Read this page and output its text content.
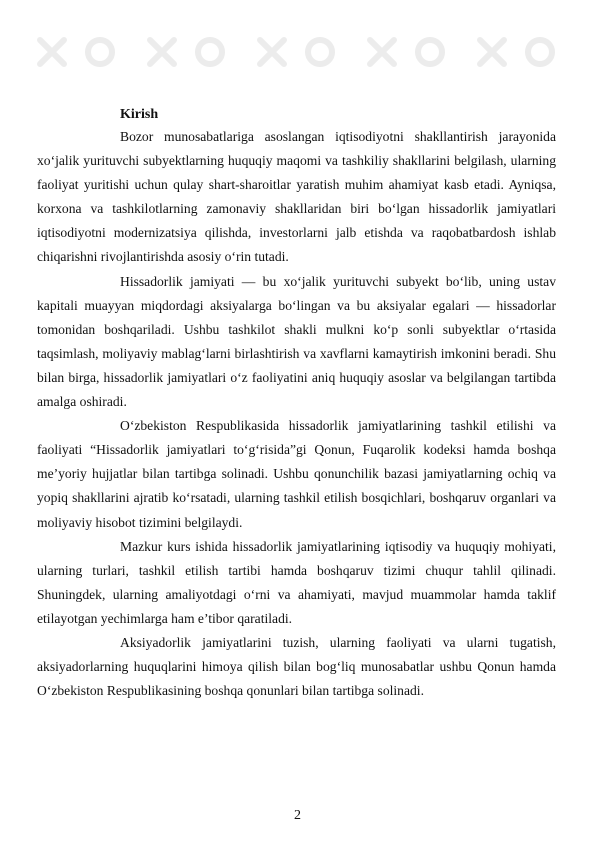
Kirish

Bozor munosabatlariga asoslangan iqtisodiyotni shakllantirish jarayonida xo‘jalik yurituvchi subyektlarning huquqiy maqomi va tashkiliy shakllarini belgilash, ularning faoliyat yuritishi uchun qulay shart-sharoitlar yaratish muhim ahamiyat kasb etadi. Ayniqsa, korxona va tashkilotlarning zamonaviy shakllaridan biri bo‘lgan hissadorlik jamiyatlari iqtisodiyotni modernizatsiya qilishda, investorlarni jalb etishda va raqobatbardosh ishlab chiqarishni rivojlantirishda asosiy o‘rin tutadi.

Hissadorlik jamiyati — bu xo‘jalik yurituvchi subyekt bo‘lib, uning ustav kapitali muayyan miqdordagi aksiyalarga bo‘lingan va bu aksiyalar egalari — hissadorlar tomonidan boshqariladi. Ushbu tashkilot shakli mulkni ko‘p sonli subyektlar o‘rtasida taqsimlash, moliyaviy mablag‘larni birlashtirish va xavflarni kamaytirish imkonini beradi. Shu bilan birga, hissadorlik jamiyatlari o‘z faoliyatini aniq huquqiy asoslar va belgilangan tartibda amalga oshiradi.

O‘zbekiston Respublikasida hissadorlik jamiyatlarining tashkil etilishi va faoliyati “Hissadorlik jamiyatlari to‘g‘risida”gi Qonun, Fuqarolik kodeksi hamda boshqa me’yoriy hujjatlar bilan tartibga solinadi. Ushbu qonunchilik bazasi jamiyatlarning ochiq va yopiq shakllarini ajratib ko‘rsatadi, ularning tashkil etilish bosqichlari, boshqaruv organlari va moliyaviy hisobot tizimini belgilaydi.

Mazkur kurs ishida hissadorlik jamiyatlarining iqtisodiy va huquqiy mohiyati, ularning turlari, tashkil etilish tartibi hamda boshqaruv tizimi chuqur tahlil qilinadi. Shuningdek, ularning amaliyotdagi o‘rni va ahamiyati, mavjud muammolar hamda taklif etilayotgan yechimlarga ham e’tibor qaratiladi.

Aksiyadorlik jamiyatlarini tuzish, ularning faoliyati va ularni tugatish, aksiyadorlarning huquqlarini himoya qilish bilan bog‘liq munosabatlar ushbu Qonun hamda O‘zbekiston Respublikasining boshqa qonunlari bilan tartibga solinadi.

2
